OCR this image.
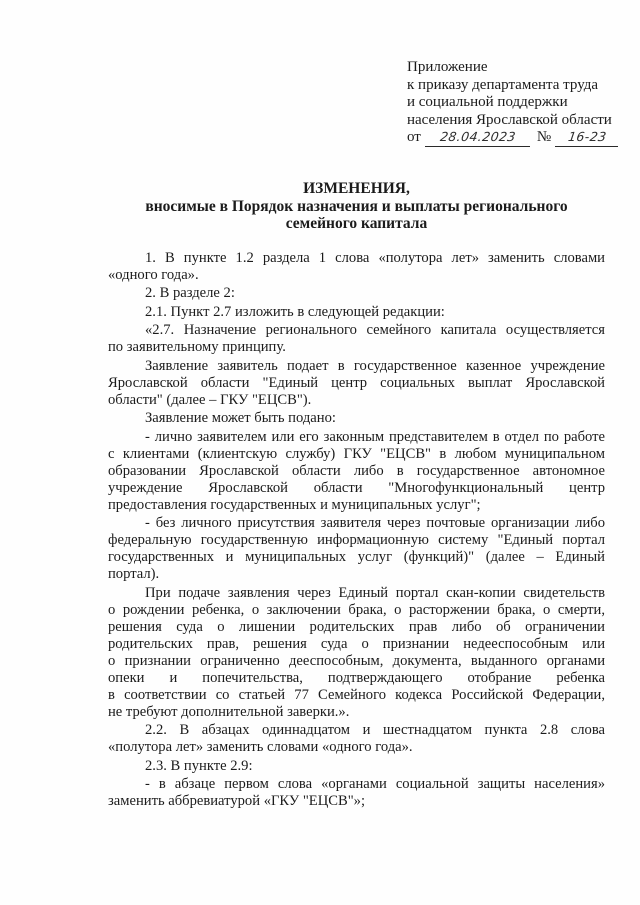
Приложение
к приказу департамента труда
и социальной поддержки
населения Ярославской области
от	28.04.2023	№	16-23
ИЗМЕНЕНИЯ,
вносимые в Порядок назначения и выплаты регионального
семейного капитала
1. В пункте 1.2 раздела 1 слова «полутора лет» заменить словами
«одного года».
2. В разделе 2:
2.1. Пункт 2.7 изложить в следующей редакции:
«2.7. Назначение регионального семейного капитала осуществляется
по заявительному принципу.
Заявление заявитель подает в государственное казенное учреждение
Ярославской области "Единый центр социальных выплат Ярославской
области" (далее – ГКУ "ЕЦСВ").
Заявление может быть подано:
- лично заявителем или его законным представителем в отдел по работе
с клиентами (клиентскую службу) ГКУ "ЕЦСВ" в любом муниципальном
образовании Ярославской области либо в государственное автономное
учреждение Ярославской области "Многофункциональный центр
предоставления государственных и муниципальных услуг";
- без личного присутствия заявителя через почтовые организации либо
федеральную государственную информационную систему "Единый портал
государственных и муниципальных услуг (функций)" (далее – Единый
портал).
При подаче заявления через Единый портал скан-копии свидетельств
о рождении ребенка, о заключении брака, о расторжении брака, о смерти,
решения суда о лишении родительских прав либо об ограничении
родительских прав, решения суда о признании недееспособным или
о признании ограниченно дееспособным, документа, выданного органами
опеки и попечительства, подтверждающего отобрание ребенка
в соответствии со статьей 77 Семейного кодекса Российской Федерации,
не требуют дополнительной заверки.».
2.2. В абзацах одиннадцатом и шестнадцатом пункта 2.8 слова
«полутора лет» заменить словами «одного года».
2.3. В пункте 2.9:
- в абзаце первом слова «органами социальной защиты населения»
заменить аббревиатурой «ГКУ "ЕЦСВ"»;
